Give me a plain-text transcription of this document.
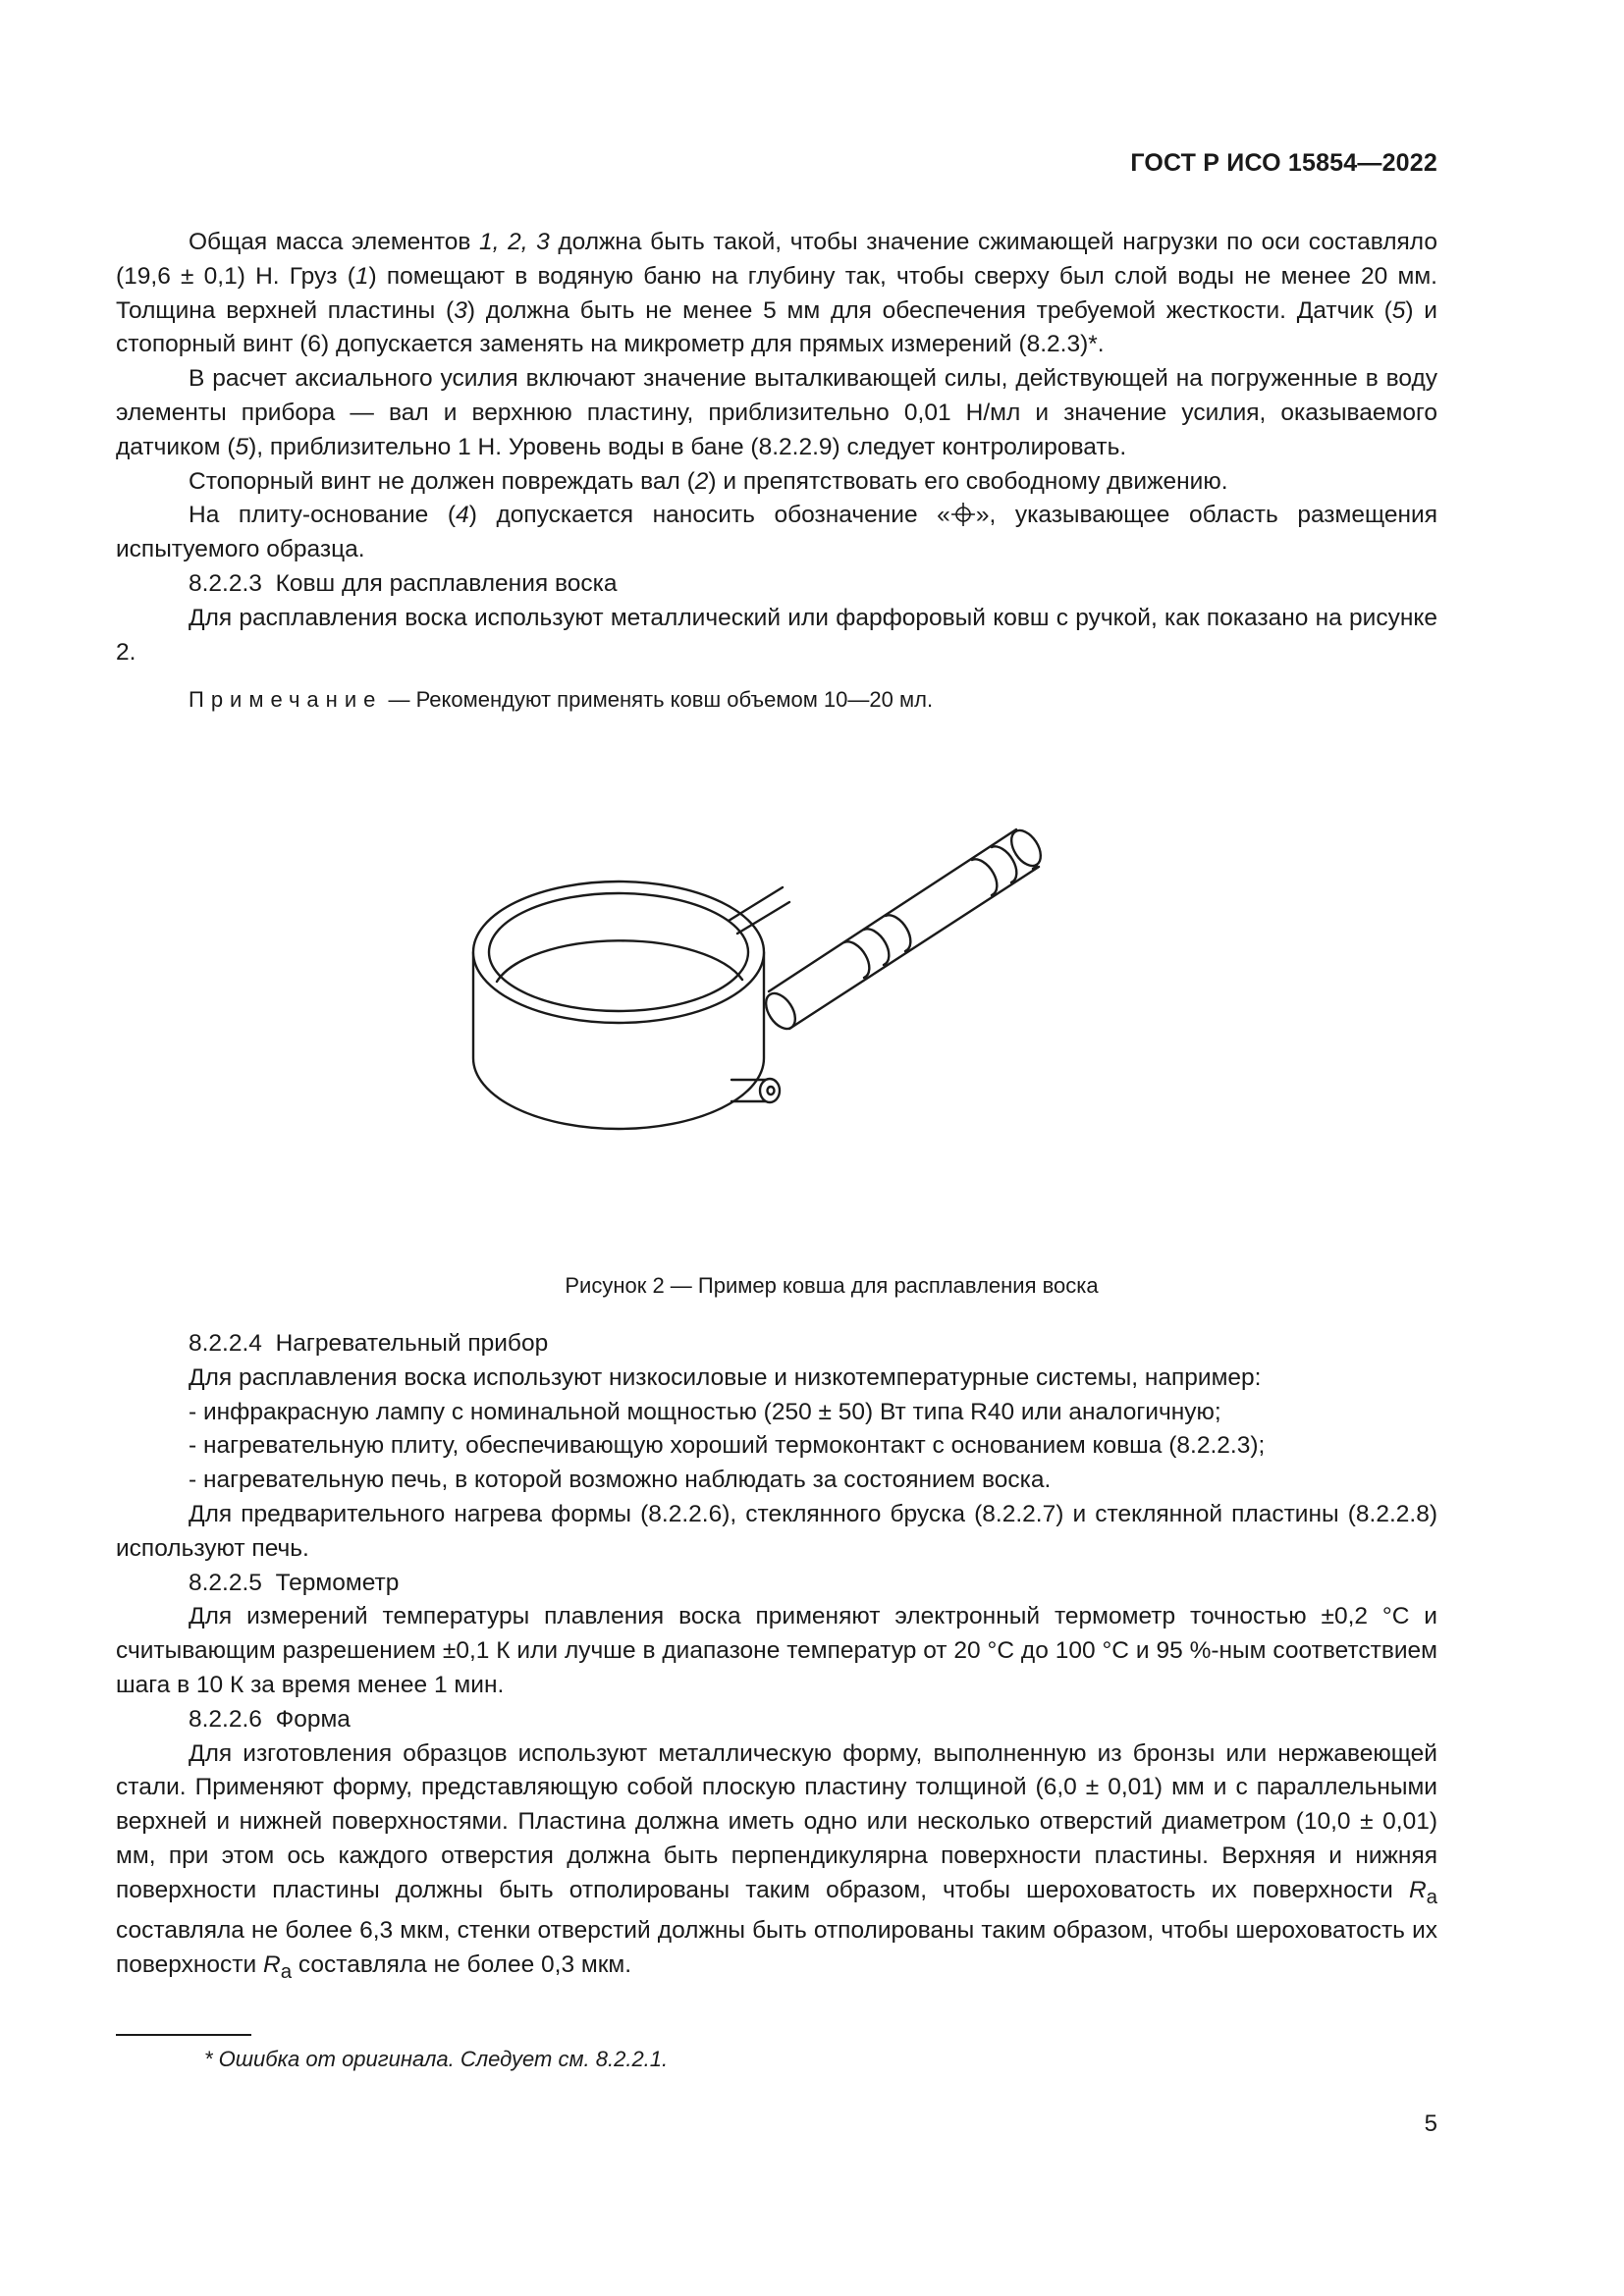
ГОСТ Р ИСО 15854—2022

Общая масса элементов 1, 2, 3 должна быть такой, чтобы значение сжимающей нагрузки по оси составляло (19,6 ± 0,1) Н. Груз (1) помещают в водяную баню на глубину так, чтобы сверху был слой воды не менее 20 мм. Толщина верхней пластины (3) должна быть не менее 5 мм для обеспечения требуемой жесткости. Датчик (5) и стопорный винт (6) допускается заменять на микрометр для прямых измерений (8.2.3)*.

В расчет аксиального усилия включают значение выталкивающей силы, действующей на погруженные в воду элементы прибора — вал и верхнюю пластину, приблизительно 0,01 Н/мл и значение усилия, оказываемого датчиком (5), приблизительно 1 Н. Уровень воды в бане (8.2.2.9) следует контролировать.

Стопорный винт не должен повреждать вал (2) и препятствовать его свободному движению.

На плиту-основание (4) допускается наносить обозначение « », указывающее область размещения испытуемого образца.

8.2.2.3 Ковш для расплавления воска

Для расплавления воска используют металлический или фарфоровый ковш с ручкой, как показано на рисунке 2.

Примечание — Рекомендуют применять ковш объемом 10—20 мл.

Рисунок 2 — Пример ковша для расплавления воска

8.2.2.4 Нагревательный прибор

Для расплавления воска используют низкосиловые и низкотемпературные системы, например:

- инфракрасную лампу с номинальной мощностью (250 ± 50) Вт типа R40 или аналогичную;

- нагревательную плиту, обеспечивающую хороший термоконтакт с основанием ковша (8.2.2.3);

- нагревательную печь, в которой возможно наблюдать за состоянием воска.

Для предварительного нагрева формы (8.2.2.6), стеклянного бруска (8.2.2.7) и стеклянной пластины (8.2.2.8) используют печь.

8.2.2.5 Термометр

Для измерений температуры плавления воска применяют электронный термометр точностью ±0,2 °С и считывающим разрешением ±0,1 К или лучше в диапазоне температур от 20 °С до 100 °С и 95 %-ным соответствием шага в 10 К за время менее 1 мин.

8.2.2.6 Форма

Для изготовления образцов используют металлическую форму, выполненную из бронзы или нержавеющей стали. Применяют форму, представляющую собой плоскую пластину толщиной (6,0 ± 0,01) мм и с параллельными верхней и нижней поверхностями. Пластина должна иметь одно или несколько отверстий диаметром (10,0 ± 0,01) мм, при этом ось каждого отверстия должна быть перпендикулярна поверхности пластины. Верхняя и нижняя поверхности пластины должны быть отполированы таким образом, чтобы шероховатость их поверхности $R_a$ составляла не более 6,3 мкм, стенки отверстий должны быть отполированы таким образом, чтобы шероховатость их поверхности $R_a$ составляла не более 0,3 мкм.

* Ошибка от оригинала. Следует см. 8.2.2.1.
5
